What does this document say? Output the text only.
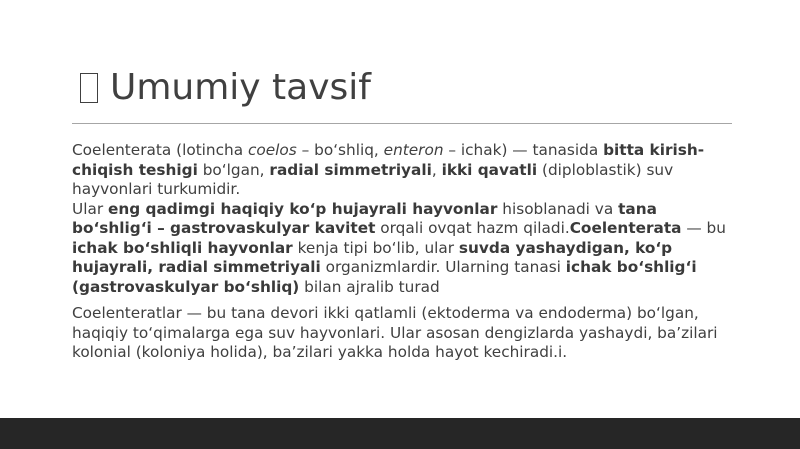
Umumiy tavsif

Coelenterata (lotincha coelos – bo‘shliq, enteron – ichak) — tanasida bitta kirish-chiqish teshigi bo‘lgan, radial simmetriyali, ikki qavatli (diploblastik) suv hayvonlari turkumidir.

Ular eng qadimgi haqiqiy ko‘p hujayrali hayvonlar hisoblanadi va tana bo‘shlig‘i – gastrovaskulyar kavitet orqali ovqat hazm qiladi.Coelenterata — bu ichak bo‘shliqli hayvonlar kenja tipi bo‘lib, ular suvda yashaydigan, ko‘p hujayrali, radial simmetriyali organizmlardir. Ularning tanasi ichak bo‘shlig‘i (gastrovaskulyar bo‘shliq) bilan ajralib turad

Coelenteratlar — bu tana devori ikki qatlamli (ektoderma va endoderma) bo‘lgan, haqiqiy to‘qimalarga ega suv hayvonlari. Ular asosan dengizlarda yashaydi, ba’zilari kolonial (koloniya holida), ba’zilari yakka holda hayot kechiradi.i.
